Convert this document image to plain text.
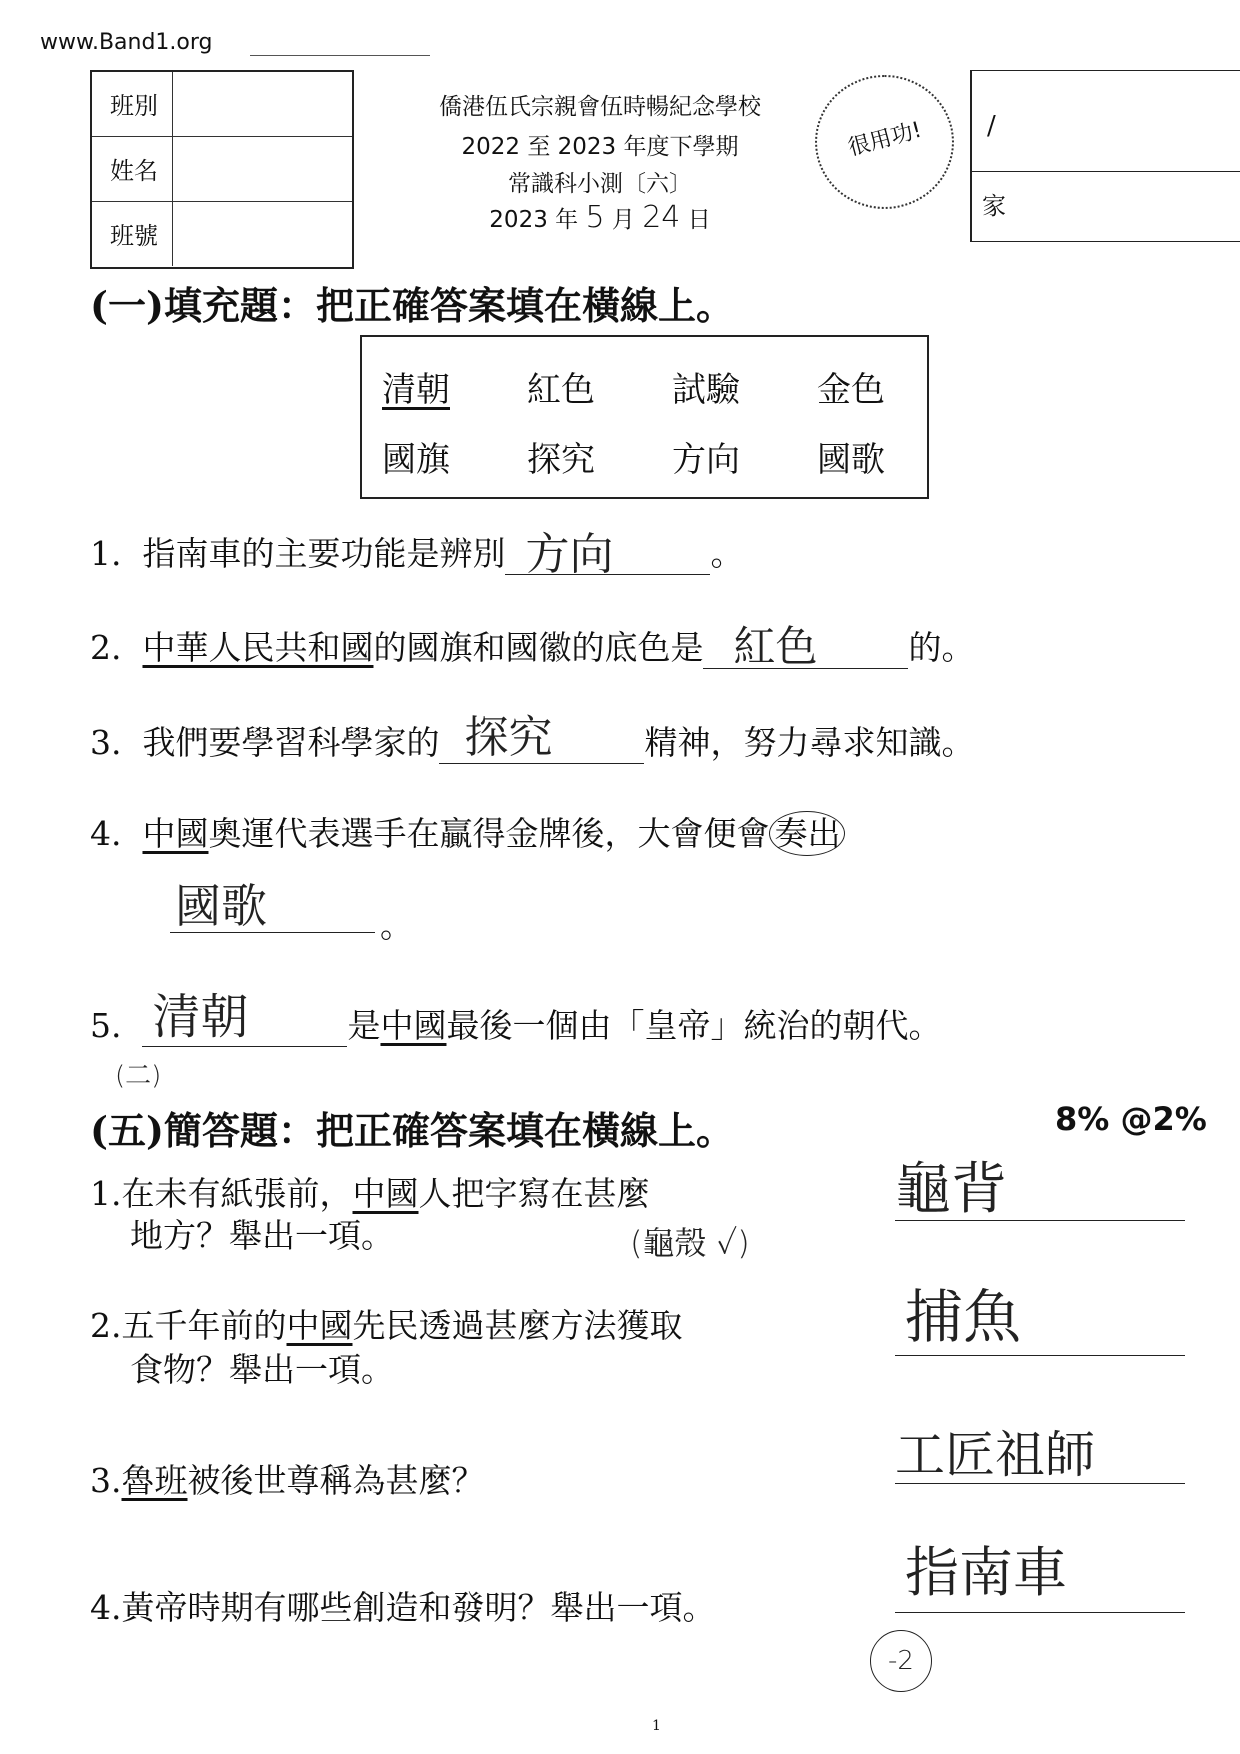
www.Band1.org
班別
姓名
班號
僑港伍氏宗親會伍時暢紀念學校
2022 至 2023 年度下學期
常識科小測〔六〕
2023 年 5 月 24 日
很用功! /
家
(一)填充題：把正確答案填在橫線上。
清朝 紅色 試驗 金色
國旗 探究 方向 國歌
1. 指南車的主要功能是辨別 方向	。
2. 中華人民共和國的國旗和國徽的底色是 紅色	的。
3. 我們要學習科學家的 探究	精神，努力尋求知識。
4. 中國奧運代表選手在贏得金牌後，大會便會 奏出
國歌	。
5. 清朝	是中國最後一個由「皇帝」統治的朝代。
(二)
(五)簡答題：把正確答案填在橫線上。	8% @2%
1.在未有紙張前，中國人把字寫在甚麼
地方？舉出一項。	(龜殼 ✓)
龜背
2.五千年前的中國先民透過甚麼方法獲取
食物？舉出一項。
捕魚
3.魯班被後世尊稱為甚麼？	工匠祖師
4.黃帝時期有哪些創造和發明？舉出一項。
指南車
-2
1
